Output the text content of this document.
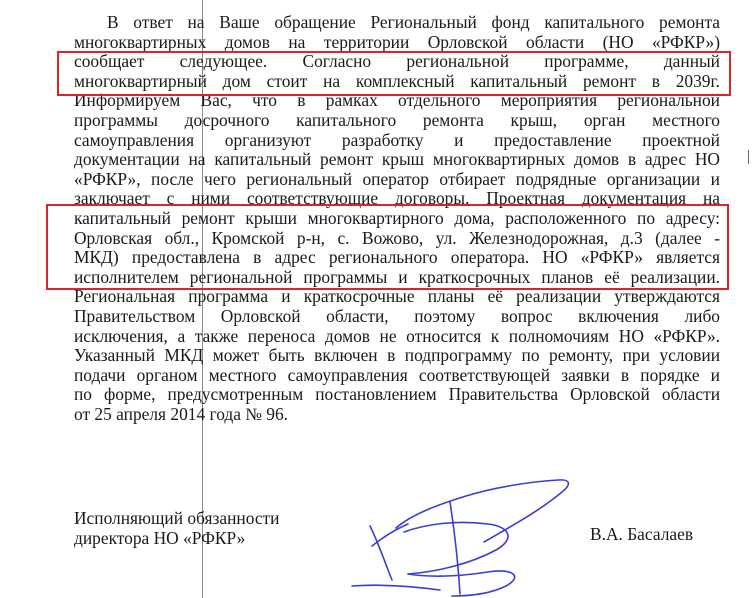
В ответ на Ваше обращение Региональный фонд капитального ремонта
многоквартирных домов на территории Орловской области (НО «РФКР»)
сообщает следующее. Согласно региональной программе, данный
многоквартирный дом стоит на комплексный капитальный ремонт в 2039г.
Информируем Вас, что в рамках отдельного мероприятия региональной
программы досрочного капитального ремонта крыш, орган местного
самоуправления организуют разработку и предоставление проектной
документации на капитальный ремонт крыш многоквартирных домов в адрес НО
«РФКР», после чего региональный оператор отбирает подрядные организации и
заключает с ними соответствующие договоры. Проектная документация на
капитальный ремонт крыши многоквартирного дома, расположенного по адресу:
Орловская обл., Кромской р-н, с. Вожово, ул. Железнодорожная, д.3 (далее -
МКД) предоставлена в адрес регионального оператора. НО «РФКР» является
исполнителем региональной программы и краткосрочных планов её реализации.
Региональная программа и краткосрочные планы её реализации утверждаются
Правительством Орловской области, поэтому вопрос включения либо
исключения, а также переноса домов не относится к полномочиям НО «РФКР».
Указанный МКД может быть включен в подпрограмму по ремонту, при условии
подачи органом местного самоуправления соответствующей заявки в порядке и
по форме, предусмотренным постановлением Правительства Орловской области
от 25 апреля 2014 года № 96.
Исполняющий обязанности
директора НО «РФКР»	В.А. Басалаев
